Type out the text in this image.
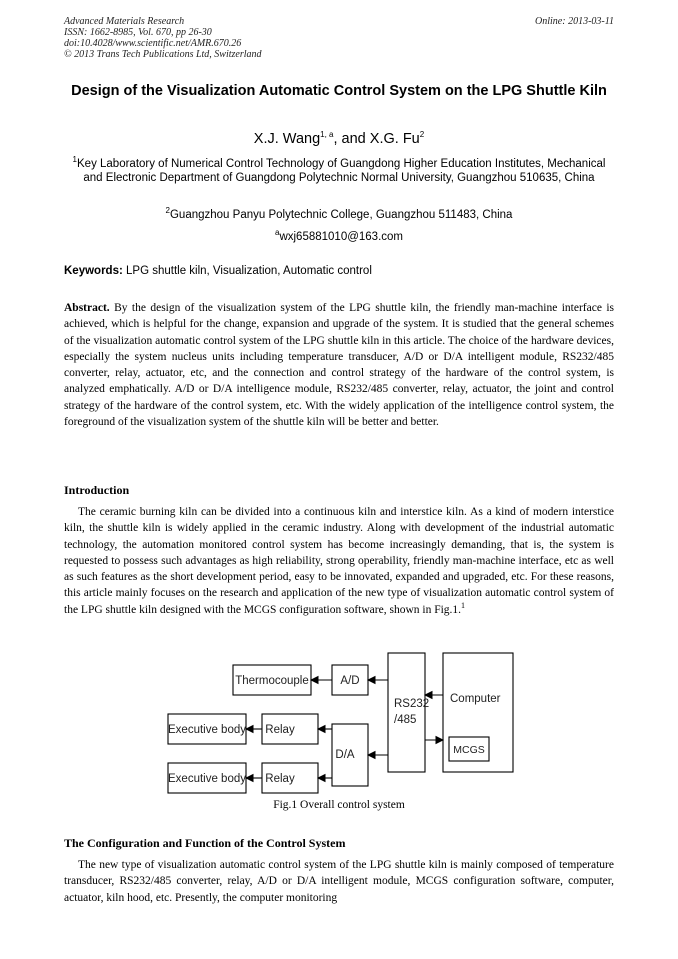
Advanced Materials Research
ISSN: 1662-8985, Vol. 670, pp 26-30
doi:10.4028/www.scientific.net/AMR.670.26
© 2013 Trans Tech Publications Ltd, Switzerland
Online: 2013-03-11
Design of the Visualization Automatic Control System on the LPG Shuttle Kiln
X.J. Wang$^{1, a}$, and X.G. Fu$^2$
$^1$Key Laboratory of Numerical Control Technology of Guangdong Higher Education Institutes, Mechanical and Electronic Department of Guangdong Polytechnic Normal University, Guangzhou 510635, China
$^2$Guangzhou Panyu Polytechnic College, Guangzhou 511483, China
$^a$wxj65881010@163.com
Keywords: LPG shuttle kiln, Visualization, Automatic control
Abstract. By the design of the visualization system of the LPG shuttle kiln, the friendly man-machine interface is achieved, which is helpful for the change, expansion and upgrade of the system. It is studied that the general schemes of the visualization automatic control system of the LPG shuttle kiln in this article. The choice of the hardware devices, especially the system nucleus units including temperature transducer, A/D or D/A intelligent module, RS232/485 converter, relay, actuator, etc, and the connection and control strategy of the hardware of the control system, is analyzed emphatically. A/D or D/A intelligence module, RS232/485 converter, relay, actuator, the joint and control strategy of the hardware of the control system, etc. With the widely application of the intelligence control system, the foreground of the visualization system of the shuttle kiln will be better and better.
Introduction
The ceramic burning kiln can be divided into a continuous kiln and interstice kiln. As a kind of modern interstice kiln, the shuttle kiln is widely applied in the ceramic industry. Along with development of the industrial automatic technology, the automation monitored control system has become increasingly demanding, that is, the system is requested to possess such advantages as high reliability, strong operability, friendly man-machine interface, etc as well as such features as the short development period, easy to be innovated, expanded and upgraded, etc. For these reasons, this article mainly focuses on the research and application of the new type of visualization automatic control system of the LPG shuttle kiln designed with the MCGS configuration software, shown in Fig.1.$^1$
Thermocouple	A/D
RS232
/485
Computer
MCGS
Executive body Relay
D/A
Executive body Relay
Fig.1 Overall control system
The Configuration and Function of the Control System
The new type of visualization automatic control system of the LPG shuttle kiln is mainly composed of temperature transducer, RS232/485 converter, relay, A/D or D/A intelligent module, MCGS configuration software, computer, actuator, kiln hood, etc. Presently, the computer monitoring
